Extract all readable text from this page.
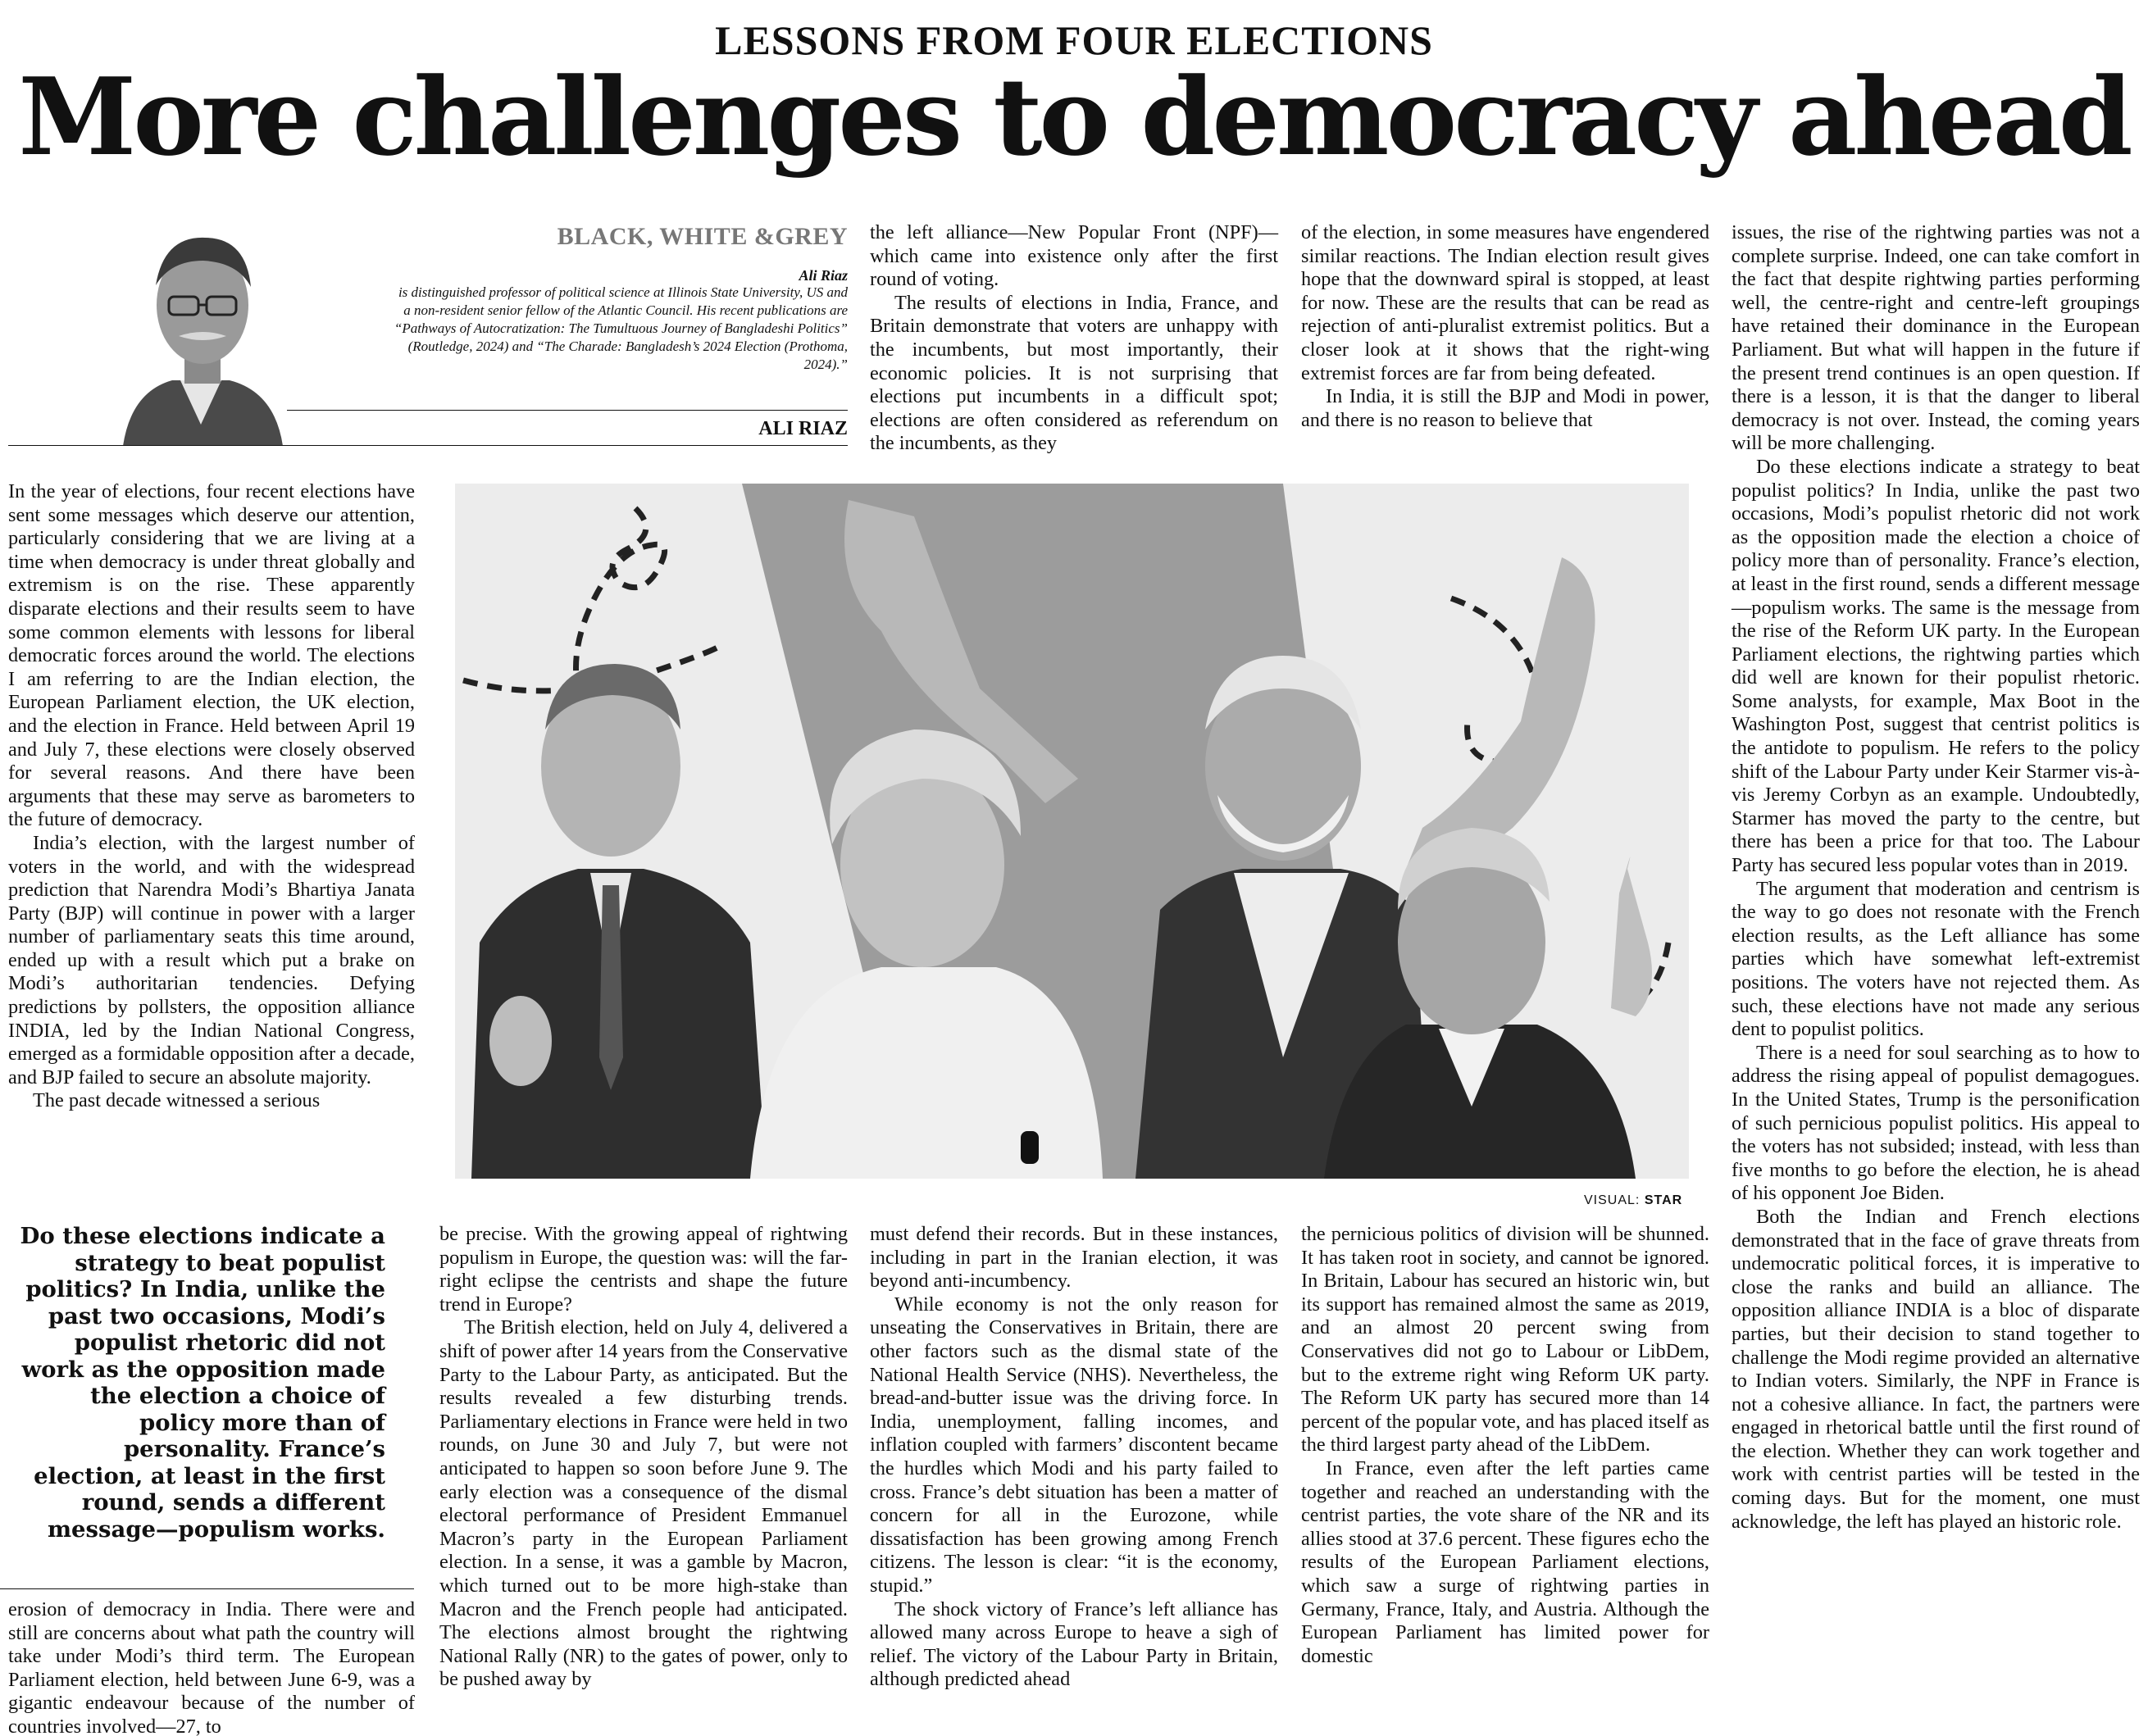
LESSONS FROM FOUR ELECTIONS
More challenges to democracy ahead
BLACK, WHITE &GREY
Ali Riaz
is distinguished professor of political science at Illinois State University, US and a non-resident senior fellow of the Atlantic Council. His recent publications are “Pathways of Autocratization: The Tumultuous Journey of Bangladeshi Politics” (Routledge, 2024) and “The Charade: Bangladesh’s 2024 Election (Prothoma, 2024).”
ALI RIAZ

In the year of elections, four recent elections have sent some messages which deserve our attention, particularly considering that we are living at a time when democracy is under threat globally and extremism is on the rise. These apparently disparate elections and their results seem to have some common elements with lessons for liberal democratic forces around the world. The elections I am referring to are the Indian election, the European Parliament election, the UK election, and the election in France. Held between April 19 and July 7, these elections were closely observed for several reasons. And there have been arguments that these may serve as barometers to the future of democracy.

India’s election, with the largest number of voters in the world, and with the widespread prediction that Narendra Modi’s Bhartiya Janata Party (BJP) will continue in power with a larger number of parliamentary seats this time around, ended up with a result which put a brake on Modi’s authoritarian tendencies. Defying predictions by pollsters, the opposition alliance INDIA, led by the Indian National Congress, emerged as a formidable opposition after a decade, and BJP failed to secure an absolute majority.

The past decade witnessed a serious

the left alliance—New Popular Front (NPF)—which came into existence only after the first round of voting.

The results of elections in India, France, and Britain demonstrate that voters are unhappy with the incumbents, but most importantly, their economic policies. It is not surprising that elections put incumbents in a difficult spot; elections are often considered as referendum on the incumbents, as they

of the election, in some measures have engendered similar reactions. The Indian election result gives hope that the downward spiral is stopped, at least for now. These are the results that can be read as rejection of anti-pluralist extremist politics. But a closer look at it shows that the right-wing extremist forces are far from being defeated.

In India, it is still the BJP and Modi in power, and there is no reason to believe that

issues, the rise of the rightwing parties was not a complete surprise. Indeed, one can take comfort in the fact that despite rightwing parties performing well, the centre-right and centre-left groupings have retained their dominance in the European Parliament. But what will happen in the future if the present trend continues is an open question. If there is a lesson, it is that the danger to liberal democracy is not over. Instead, the coming years will be more challenging.

Do these elections indicate a strategy to beat populist politics? In India, unlike the past two occasions, Modi’s populist rhetoric did not work as the opposition made the election a choice of policy more than of personality. France’s election, at least in the first round, sends a different message—populism works. The same is the message from the rise of the Reform UK party. In the European Parliament elections, the rightwing parties which did well are known for their populist rhetoric. Some analysts, for example, Max Boot in the Washington Post, suggest that centrist politics is the antidote to populism. He refers to the policy shift of the Labour Party under Keir Starmer vis-à-vis Jeremy Corbyn as an example. Undoubtedly, Starmer has moved the party to the centre, but there has been a price for that too. The Labour Party has secured less popular votes than in 2019.

The argument that moderation and centrism is the way to go does not resonate with the French election results, as the Left alliance has some parties which have somewhat left-extremist positions. The voters have not rejected them. As such, these elections have not made any serious dent to populist politics.

There is a need for soul searching as to how to address the rising appeal of populist demagogues. In the United States, Trump is the personification of such pernicious populist politics. His appeal to the voters has not subsided; instead, with less than five months to go before the election, he is ahead of his opponent Joe Biden.

Both the Indian and French elections demonstrated that in the face of grave threats from undemocratic political forces, it is imperative to close the ranks and build an alliance. The opposition alliance INDIA is a bloc of disparate parties, but their decision to stand together to challenge the Modi regime provided an alternative to Indian voters. Similarly, the NPF in France is not a cohesive alliance. In fact, the partners were engaged in rhetorical battle until the first round of the election. Whether they can work together and work with centrist parties will be tested in the coming days. But for the moment, one must acknowledge, the left has played an historic role.

VISUAL: STAR
Do these elections indicate a strategy to beat populist politics? In India, unlike the past two occasions, Modi’s populist rhetoric did not work as the opposition made the election a choice of policy more than of personality. France’s election, at least in the first round, sends a different message—populism works.

erosion of democracy in India. There were and still are concerns about what path the country will take under Modi’s third term. The European Parliament election, held between June 6-9, was a gigantic endeavour because of the number of countries involved—27, to

be precise. With the growing appeal of rightwing populism in Europe, the question was: will the far-right eclipse the centrists and shape the future trend in Europe?

The British election, held on July 4, delivered a shift of power after 14 years from the Conservative Party to the Labour Party, as anticipated. But the results revealed a few disturbing trends. Parliamentary elections in France were held in two rounds, on June 30 and July 7, but were not anticipated to happen so soon before June 9. The early election was a consequence of the dismal electoral performance of President Emmanuel Macron’s party in the European Parliament election. In a sense, it was a gamble by Macron, which turned out to be more high-stake than Macron and the French people had anticipated. The elections almost brought the rightwing National Rally (NR) to the gates of power, only to be pushed away by

must defend their records. But in these instances, including in part in the Iranian election, it was beyond anti-incumbency.

While economy is not the only reason for unseating the Conservatives in Britain, there are other factors such as the dismal state of the National Health Service (NHS). Nevertheless, the bread-and-butter issue was the driving force. In India, unemployment, falling incomes, and inflation coupled with farmers’ discontent became the hurdles which Modi and his party failed to cross. France’s debt situation has been a matter of concern for all in the Eurozone, while dissatisfaction has been growing among French citizens. The lesson is clear: “it is the economy, stupid.”

The shock victory of France’s left alliance has allowed many across Europe to heave a sigh of relief. The victory of the Labour Party in Britain, although predicted ahead

the pernicious politics of division will be shunned. It has taken root in society, and cannot be ignored. In Britain, Labour has secured an historic win, but its support has remained almost the same as 2019, and an almost 20 percent swing from Conservatives did not go to Labour or LibDem, but to the extreme right wing Reform UK party. The Reform UK party has secured more than 14 percent of the popular vote, and has placed itself as the third largest party ahead of the LibDem.

In France, even after the left parties came together and reached an understanding with the centrist parties, the vote share of the NR and its allies stood at 37.6 percent. These figures echo the results of the European Parliament elections, which saw a surge of rightwing parties in Germany, France, Italy, and Austria. Although the European Parliament has limited power for domestic
